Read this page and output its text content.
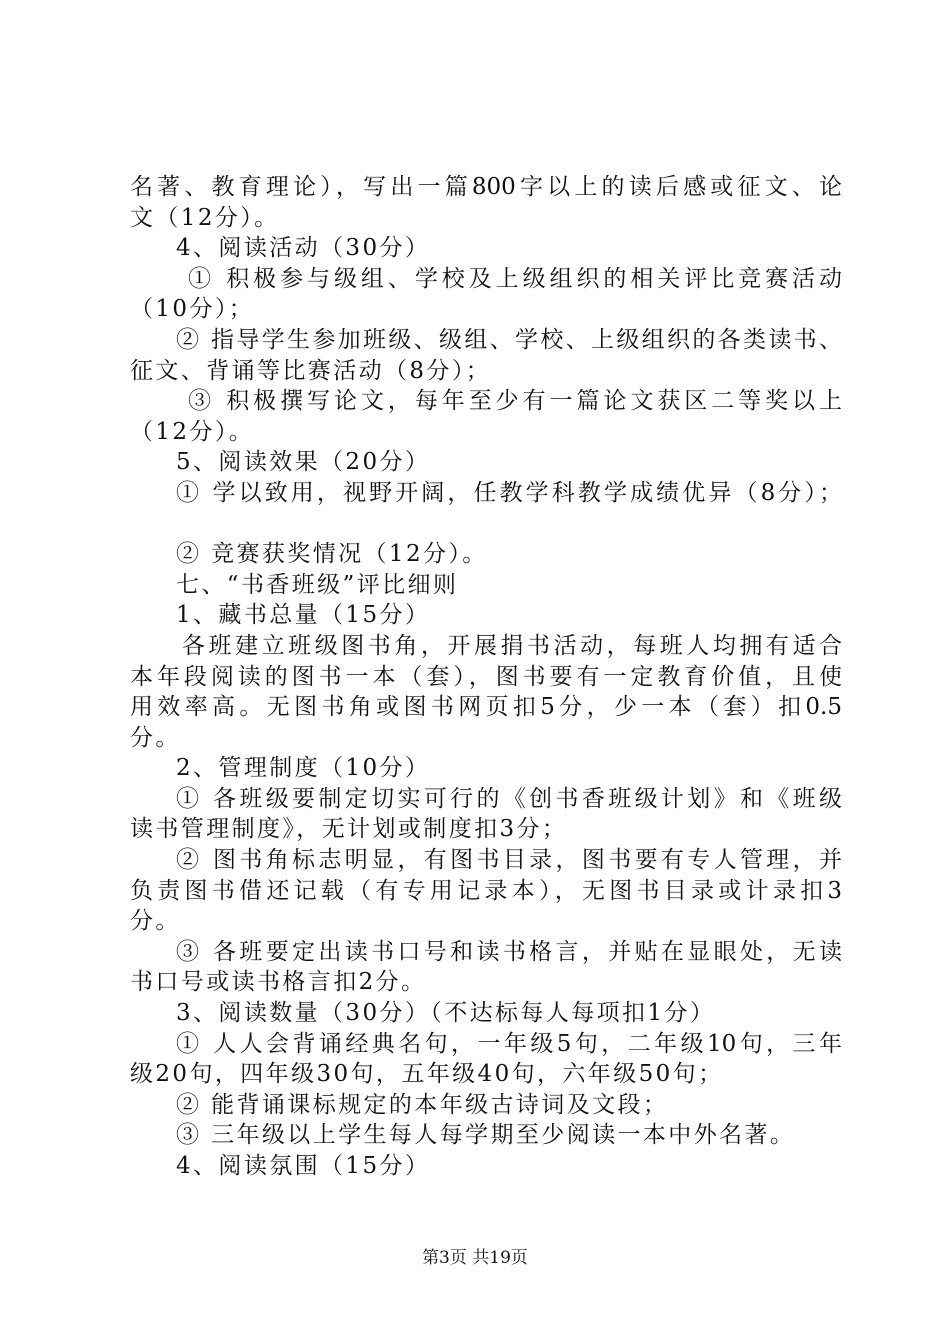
名著、教育理论），写出一篇800字以上的读后感或征文、论
文（12分）。
4、阅读活动（30分）
① 积极参与级组、学校及上级组织的相关评比竞赛活动
（10分）；
② 指导学生参加班级、级组、学校、上级组织的各类读书、
征文、背诵等比赛活动（8分）；
③ 积极撰写论文，每年至少有一篇论文获区二等奖以上
（12分）。
5、阅读效果（20分）
① 学以致用，视野开阔，任教学科教学成绩优异（8分）；
② 竞赛获奖情况（12分）。
七、“书香班级”评比细则
1、藏书总量（15分）
各班建立班级图书角，开展捐书活动，每班人均拥有适合
本年段阅读的图书一本（套），图书要有一定教育价值，且使
用效率高。无图书角或图书网页扣5分，少一本（套）扣0.5
分。
2、管理制度（10分）
① 各班级要制定切实可行的《创书香班级计划》和《班级
读书管理制度》，无计划或制度扣3分；
② 图书角标志明显，有图书目录，图书要有专人管理，并
负责图书借还记载（有专用记录本），无图书目录或计录扣3
分。
③ 各班要定出读书口号和读书格言，并贴在显眼处，无读
书口号或读书格言扣2分。
3、阅读数量（30分）（不达标每人每项扣1分）
① 人人会背诵经典名句，一年级5句，二年级10句，三年
级20句，四年级30句，五年级40句，六年级50句；
② 能背诵课标规定的本年级古诗词及文段；
③ 三年级以上学生每人每学期至少阅读一本中外名著。
4、阅读氛围（15分）
第3页 共19页
